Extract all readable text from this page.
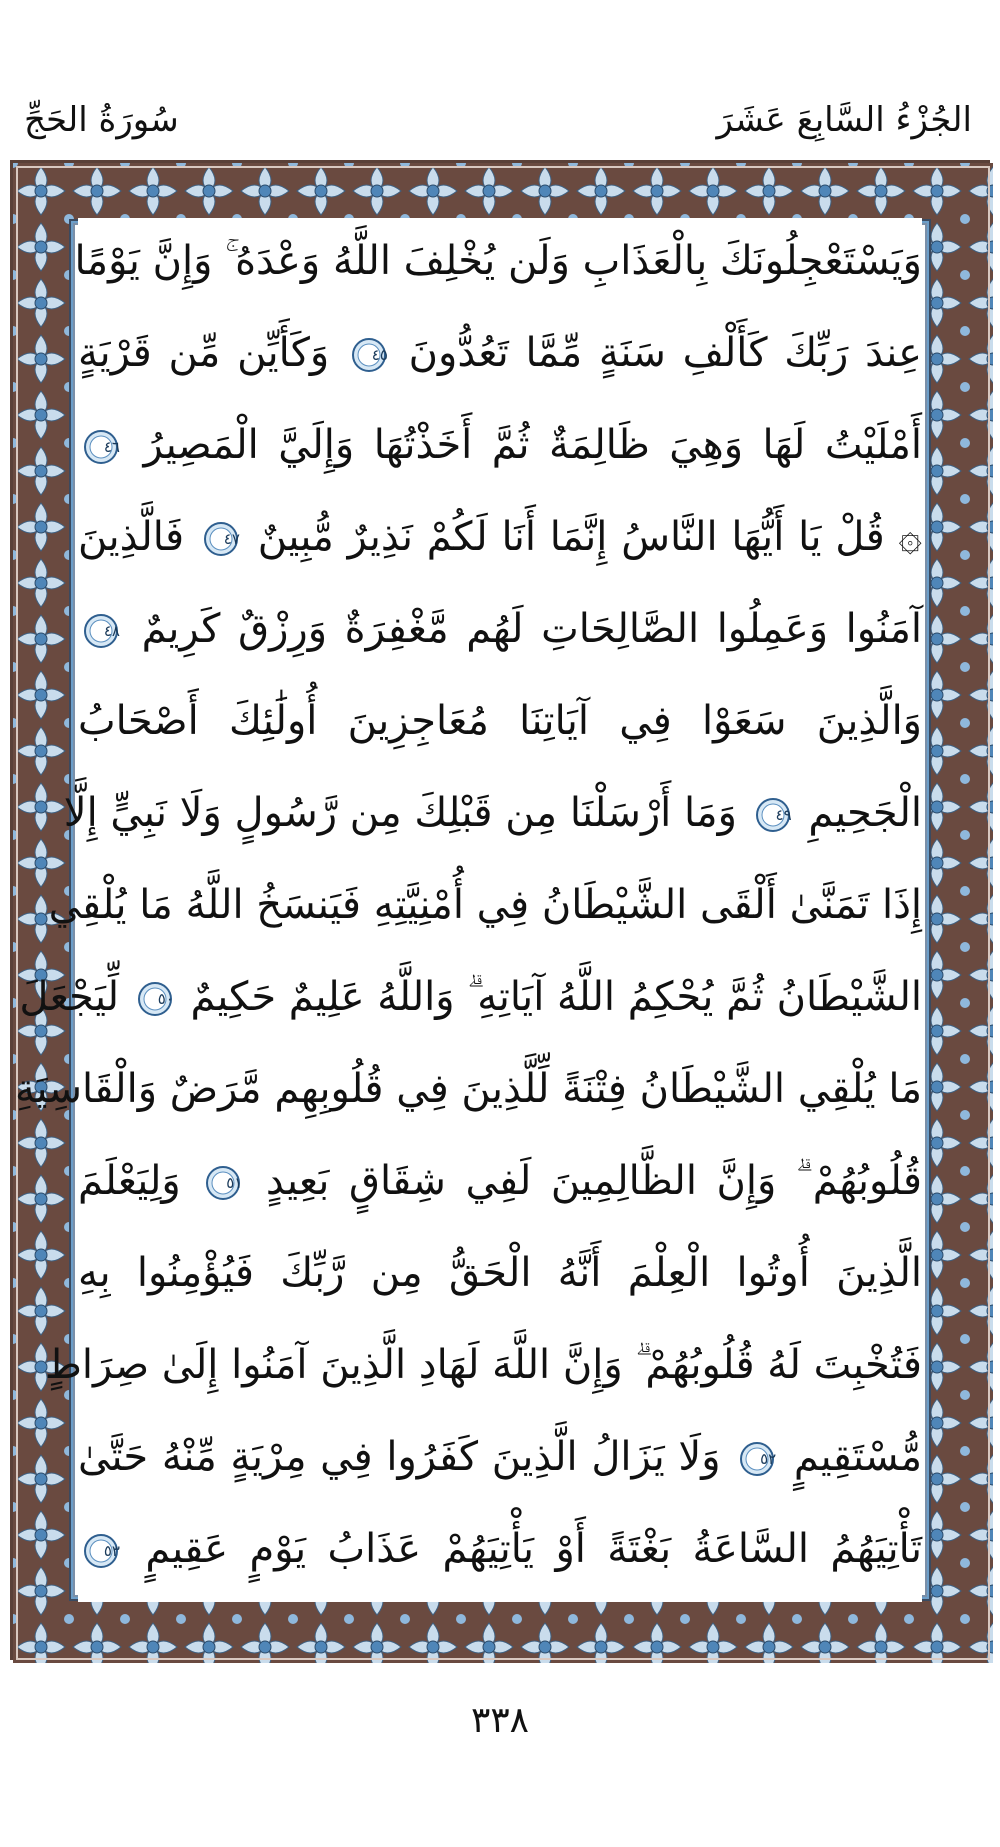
سُورَةُ الحَجِّ	الجُزْءُ السَّابِعَ عَشَرَ
وَيَسْتَعْجِلُونَكَ بِالْعَذَابِ وَلَن يُخْلِفَ اللَّهُ وَعْدَهُ ۚ وَإِنَّ يَوْمًا
عِندَ رَبِّكَ كَأَلْفِ سَنَةٍ مِّمَّا تَعُدُّونَ
٤٥
وَكَأَيِّن مِّن قَرْيَةٍ
أَمْلَيْتُ لَهَا وَهِيَ ظَالِمَةٌ ثُمَّ أَخَذْتُهَا وَإِلَيَّ الْمَصِيرُ
٤٦
۞ قُلْ يَا أَيُّهَا النَّاسُ إِنَّمَا أَنَا لَكُمْ نَذِيرٌ مُّبِينٌ
٤٧
فَالَّذِينَ
آمَنُوا وَعَمِلُوا الصَّالِحَاتِ لَهُم مَّغْفِرَةٌ وَرِزْقٌ كَرِيمٌ
٤٨
وَالَّذِينَ سَعَوْا فِي آيَاتِنَا مُعَاجِزِينَ أُولَٰئِكَ أَصْحَابُ
الْجَحِيمِ
٤٩
وَمَا أَرْسَلْنَا مِن قَبْلِكَ مِن رَّسُولٍ وَلَا نَبِيٍّ إِلَّا
إِذَا تَمَنَّىٰ أَلْقَى الشَّيْطَانُ فِي أُمْنِيَّتِهِ فَيَنسَخُ اللَّهُ مَا يُلْقِي
الشَّيْطَانُ ثُمَّ يُحْكِمُ اللَّهُ آيَاتِهِ ۗ وَاللَّهُ عَلِيمٌ حَكِيمٌ
٥٠
لِّيَجْعَلَ
مَا يُلْقِي الشَّيْطَانُ فِتْنَةً لِّلَّذِينَ فِي قُلُوبِهِم مَّرَضٌ وَالْقَاسِيَةِ
قُلُوبُهُمْ ۗ وَإِنَّ الظَّالِمِينَ لَفِي شِقَاقٍ بَعِيدٍ
٥١
وَلِيَعْلَمَ
الَّذِينَ أُوتُوا الْعِلْمَ أَنَّهُ الْحَقُّ مِن رَّبِّكَ فَيُؤْمِنُوا بِهِ
فَتُخْبِتَ لَهُ قُلُوبُهُمْ ۗ وَإِنَّ اللَّهَ لَهَادِ الَّذِينَ آمَنُوا إِلَىٰ صِرَاطٍ
مُّسْتَقِيمٍ
٥٢
وَلَا يَزَالُ الَّذِينَ كَفَرُوا فِي مِرْيَةٍ مِّنْهُ حَتَّىٰ
تَأْتِيَهُمُ السَّاعَةُ بَغْتَةً أَوْ يَأْتِيَهُمْ عَذَابُ يَوْمٍ عَقِيمٍ
٥٣
٣٣٨
